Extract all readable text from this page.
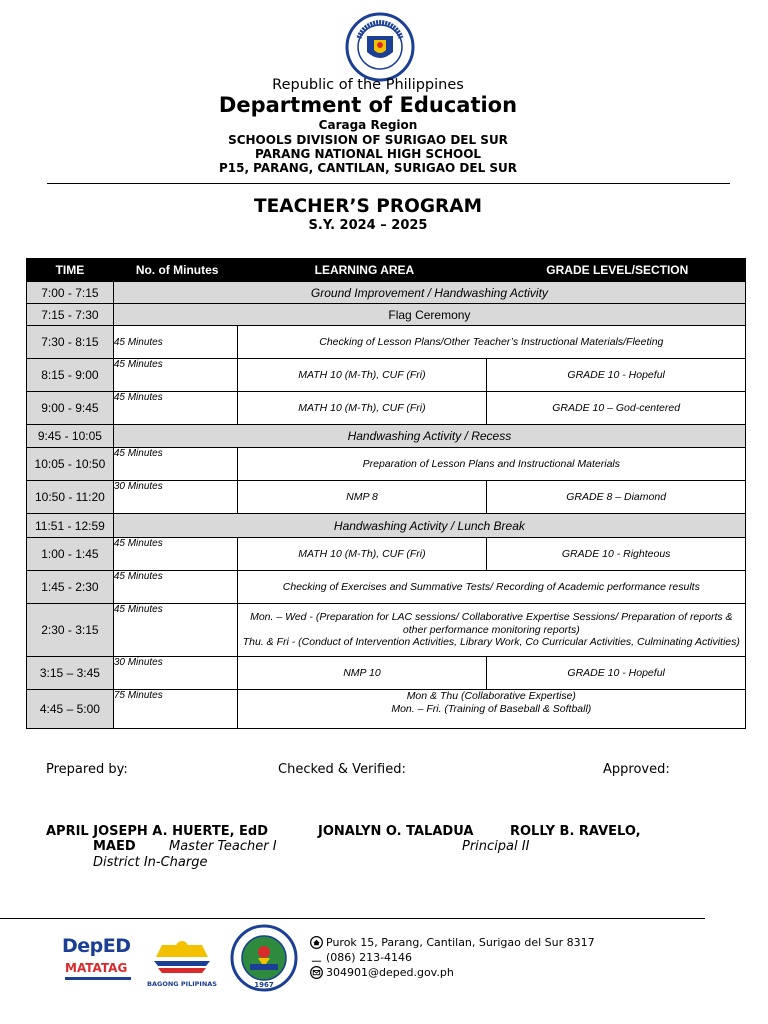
Republic of the Philippines
Department of Education
Caraga Region
SCHOOLS DIVISION OF SURIGAO DEL SUR
PARANG NATIONAL HIGH SCHOOL
P15, PARANG, CANTILAN, SURIGAO DEL SUR
TEACHER’S PROGRAM
S.Y. 2024 – 2025
TIME	No. of Minutes	LEARNING AREA	GRADE LEVEL/SECTION
7:00 - 7:15	Ground Improvement / Handwashing Activity		
7:15 - 7:30	Flag Ceremony		
7:30 - 8:15	45 Minutes	Checking of Lesson Plans/Other Teacher’s Instructional Materials/Fleeting	
8:15 - 9:00	45 Minutes	MATH 10 (M-Th), CUF (Fri)	GRADE 10 - Hopeful
9:00 - 9:45	45 Minutes	MATH 10 (M-Th), CUF (Fri)	GRADE 10 – God-centered
9:45 - 10:05	Handwashing Activity / Recess		
10:05 - 10:50	45 Minutes	Preparation of Lesson Plans and Instructional Materials	
10:50 - 11:20	30 Minutes	NMP 8	GRADE 8 – Diamond
11:51 - 12:59	Handwashing Activity / Lunch Break		
1:00 - 1:45	45 Minutes	MATH 10 (M-Th), CUF (Fri)	GRADE 10 - Righteous
1:45 - 2:30	45 Minutes	Checking of Exercises and Summative Tests/ Recording of Academic performance results	
2:30 - 3:15	45 Minutes	Mon. – Wed - (Preparation for LAC sessions/ Collaborative Expertise Sessions/ Preparation of reports & other performance monitoring reports)
Thu. & Fri - (Conduct of Intervention Activities, Library Work, Co Curricular Activities, Culminating Activities)	

3:15 – 3:45	30 Minutes	NMP 10	GRADE 10 - Hopeful
4:45 – 5:00	75 Minutes	Mon & Thu (Collaborative Expertise)
Mon. – Fri. (Training of Baseball & Softball)	
Prepared by:	Checked & Verified:	Approved:
APRIL JOSEPH A. HUERTE, EdD
MAED	Master Teacher I
District In-Charge
JONALYN O. TALADUA	ROLLY B. RAVELO,
Principal II
DepED
MATATAG
BAGONG PILIPINAS	1967
Purok 15, Parang, Cantilan, Surigao del Sur 8317
(086) 213-4146
304901@deped.gov.ph
